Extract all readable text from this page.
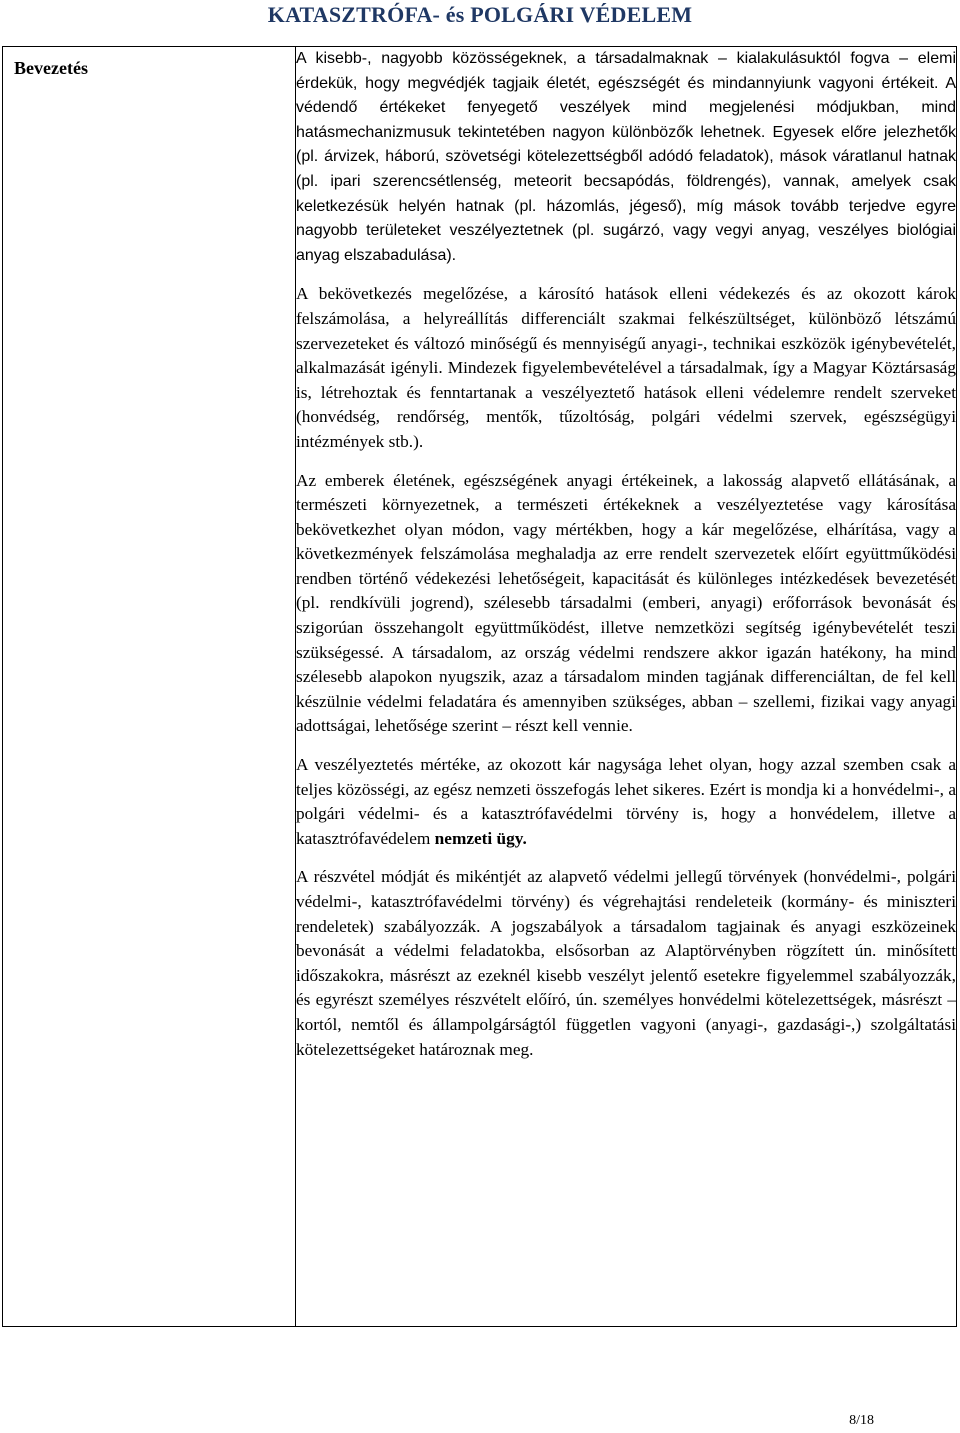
KATASZTRÓFA- és POLGÁRI VÉDELEM
Bevezetés	A kisebb-, nagyobb közösségeknek, a társadalmaknak – kialakulásuktól fogva – elemi érdekük, hogy megvédjék tagjaik életét, egészségét és mindannyiunk vagyoni értékeit. A védendő értékeket fenyegető veszélyek mind megjelenési módjukban, mind hatásmechanizmusuk tekintetében nagyon különbözők lehetnek. Egyesek előre jelezhetők (pl. árvizek, háború, szövetségi kötelezettségből adódó feladatok), mások váratlanul hatnak (pl. ipari szerencsétlenség, meteorit becsapódás, földrengés), vannak, amelyek csak keletkezésük helyén hatnak (pl. házomlás, jégeső), míg mások tovább terjedve egyre nagyobb területeket veszélyeztetnek (pl. sugárzó, vagy vegyi anyag, veszélyes biológiai anyag elszabadulása).

A bekövetkezés megelőzése, a károsító hatások elleni védekezés és az okozott károk felszámolása, a helyreállítás differenciált szakmai felkészültséget, különböző létszámú szervezeteket és változó minőségű és mennyiségű anyagi-, technikai eszközök igénybevételét, alkalmazását igényli. Mindezek figyelembevételével a társadalmak, így a Magyar Köztársaság is, létrehoztak és fenntartanak a veszélyeztető hatások elleni védelemre rendelt szerveket (honvédség, rendőrség, mentők, tűzoltóság, polgári védelmi szervek, egészségügyi intézmények stb.).

Az emberek életének, egészségének anyagi értékeinek, a lakosság alapvető ellátásának, a természeti környezetnek, a természeti értékeknek a veszélyeztetése vagy károsítása bekövetkezhet olyan módon, vagy mértékben, hogy a kár megelőzése, elhárítása, vagy a következmények felszámolása meghaladja az erre rendelt szervezetek előírt együttműködési rendben történő védekezési lehetőségeit, kapacitását és különleges intézkedések bevezetését (pl. rendkívüli jogrend), szélesebb társadalmi (emberi, anyagi) erőforrások bevonását és szigorúan összehangolt együttműködést, illetve nemzetközi segítség igénybevételét teszi szükségessé. A társadalom, az ország védelmi rendszere akkor igazán hatékony, ha mind szélesebb alapokon nyugszik, azaz a társadalom minden tagjának differenciáltan, de fel kell készülnie védelmi feladatára és amennyiben szükséges, abban – szellemi, fizikai vagy anyagi adottságai, lehetősége szerint – részt kell vennie.

A veszélyeztetés mértéke, az okozott kár nagysága lehet olyan, hogy azzal szemben csak a teljes közösségi, az egész nemzeti összefogás lehet sikeres. Ezért is mondja ki a honvédelmi-, a polgári védelmi- és a katasztrófavédelmi törvény is, hogy a honvédelem, illetve a katasztrófavédelem nemzeti ügy.

A részvétel módját és mikéntjét az alapvető védelmi jellegű törvények (honvédelmi-, polgári védelmi-, katasztrófavédelmi törvény) és végrehajtási rendeleteik (kormány- és miniszteri rendeletek) szabályozzák. A jogszabályok a társadalom tagjainak és anyagi eszközeinek bevonását a védelmi feladatokba, elsősorban az Alaptörvényben rögzített ún. minősített időszakokra, másrészt az ezeknél kisebb veszélyt jelentő esetekre figyelemmel szabályozzák, és egyrészt személyes részvételt előíró, ún. személyes honvédelmi kötelezettségek, másrészt – kortól, nemtől és állampolgárságtól független vagyoni (anyagi-, gazdasági-,) szolgáltatási kötelezettségeket határoznak meg.

8/18
